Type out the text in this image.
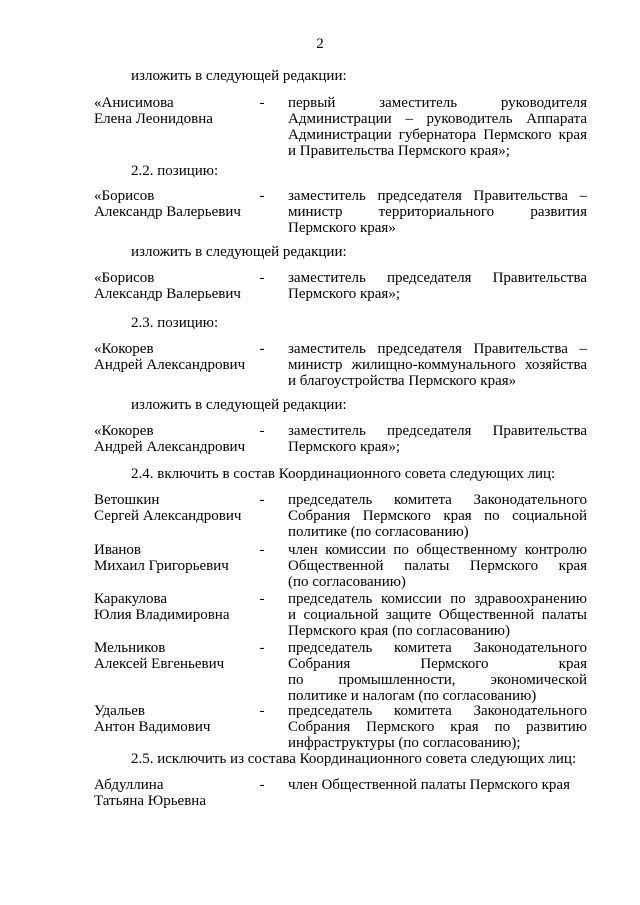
2
изложить в следующей редакции:
«Анисимова
Елена Леонидовна
- первый заместитель руководителя
Администрации – руководитель Аппарата
Администрации губернатора Пермского края
и Правительства Пермского края»;
2.2. позицию:
«Борисов
Александр Валерьевич
- заместитель председателя Правительства –
министр территориального развития
Пермского края»
изложить в следующей редакции:
«Борисов
Александр Валерьевич
- заместитель председателя Правительства
Пермского края»;
2.3. позицию:
«Кокорев
Андрей Александрович
- заместитель председателя Правительства –
министр жилищно-коммунального хозяйства
и благоустройства Пермского края»
изложить в следующей редакции:
«Кокорев
Андрей Александрович
- заместитель председателя Правительства
Пермского края»;
2.4. включить в состав Координационного совета следующих лиц:
Ветошкин
Сергей Александрович
- председатель комитета Законодательного
Собрания Пермского края по социальной
политике (по согласованию)
Иванов
Михаил Григорьевич
- член комиссии по общественному контролю
Общественной палаты Пермского края
(по согласованию)
Каракулова
Юлия Владимировна
- председатель комиссии по здравоохранению
и социальной защите Общественной палаты
Пермского края (по согласованию)
Мельников
Алексей Евгеньевич
- председатель комитета Законодательного
Собрания Пермского края
по промышленности, экономической
политике и налогам (по согласованию)
Удальев
Антон Вадимович
- председатель комитета Законодательного
Собрания Пермского края по развитию
инфраструктуры (по согласованию);
2.5. исключить из состава Координационного совета следующих лиц:
Абдуллина
Татьяна Юрьевна
- член Общественной палаты Пермского края
